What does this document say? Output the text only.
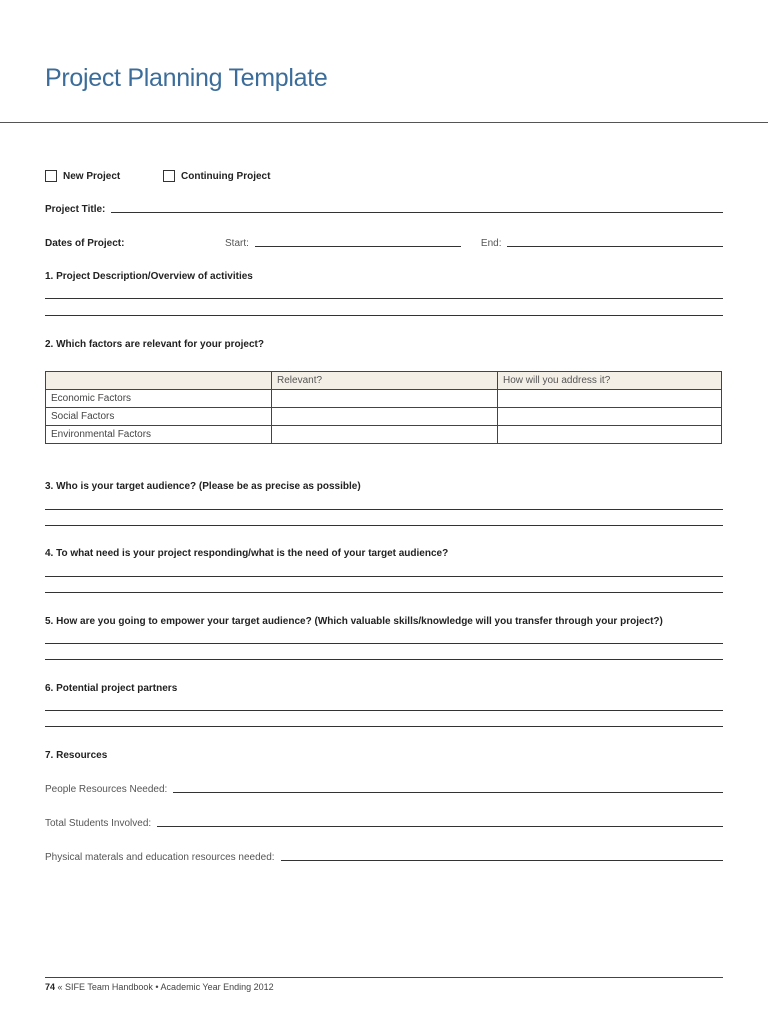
Project Planning Template
New Project	Continuing Project
Project Title:
Dates of Project:	Start:	End:
1. Project Description/Overview of activities
2. Which factors are relevant for your project?
	Relevant?	How will you address it?
Economic Factors		
Social Factors		
Environmental Factors		
3. Who is your target audience? (Please be as precise as possible)
4. To what need is your project responding/what is the need of your target audience?
5. How are you going to empower your target audience? (Which valuable skills/knowledge will you transfer through your project?)
6. Potential project partners
7. Resources
People Resources Needed:
Total Students Involved:
Physical materals and education resources needed:
74 « SIFE Team Handbook • Academic Year Ending 2012
